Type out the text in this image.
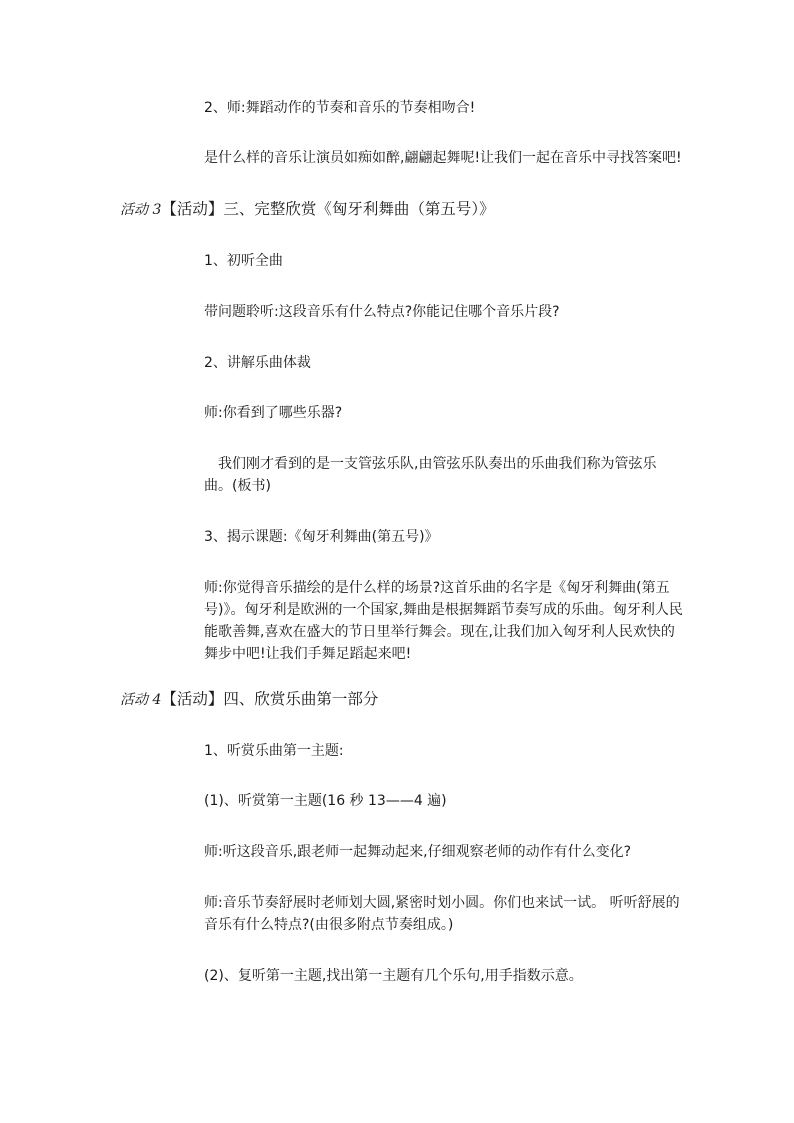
2、师:舞蹈动作的节奏和音乐的节奏相吻合!

是什么样的音乐让演员如痴如醉,翩翩起舞呢!让我们一起在音乐中寻找答案吧!

活动 3【活动】三、完整欣赏《匈牙利舞曲（第五号）》

1、初听全曲

带问题聆听:这段音乐有什么特点?你能记住哪个音乐片段?

2、讲解乐曲体裁

师:你看到了哪些乐器?

我们刚才看到的是一支管弦乐队,由管弦乐队奏出的乐曲我们称为管弦乐曲。(板书)

3、揭示课题:《匈牙利舞曲(第五号)》

师:你觉得音乐描绘的是什么样的场景?这首乐曲的名字是《匈牙利舞曲(第五号)》。匈牙利是欧洲的一个国家,舞曲是根据舞蹈节奏写成的乐曲。匈牙利人民能歌善舞,喜欢在盛大的节日里举行舞会。现在,让我们加入匈牙利人民欢快的舞步中吧!让我们手舞足蹈起来吧!

活动 4【活动】四、欣赏乐曲第一部分

1、听赏乐曲第一主题:

(1)、听赏第一主题(16 秒 13——4 遍)

师:听这段音乐,跟老师一起舞动起来,仔细观察老师的动作有什么变化?

师:音乐节奏舒展时老师划大圆,紧密时划小圆。你们也来试一试。 听听舒展的音乐有什么特点?(由很多附点节奏组成。)

(2)、复听第一主题,找出第一主题有几个乐句,用手指数示意。
